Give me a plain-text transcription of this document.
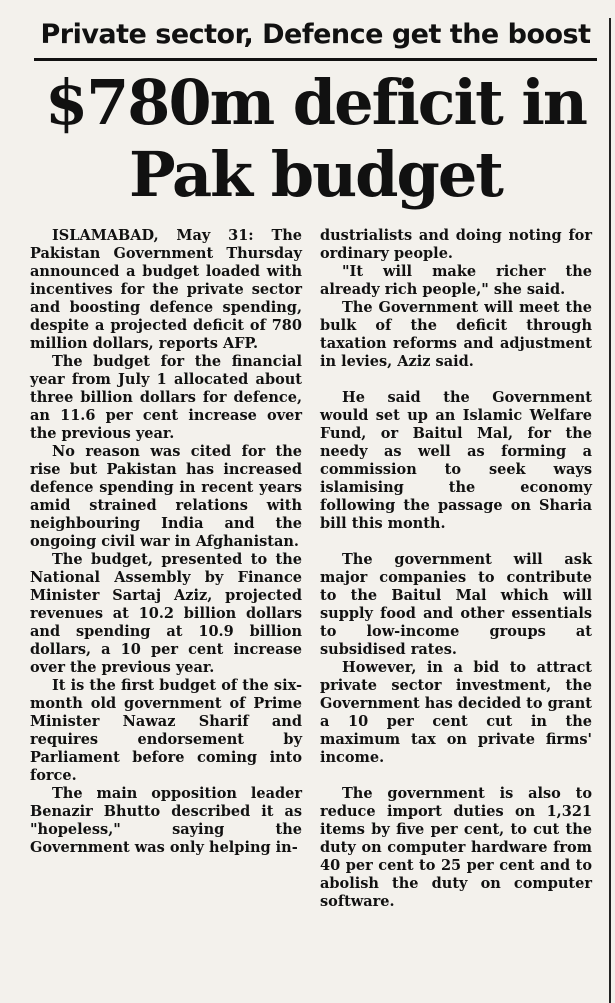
Private sector, Defence get the boost
$780m deficit in
Pak budget

ISLAMABAD, May 31: The Pakistan Government Thursday announced a budget loaded with incentives for the private sector and boosting defence spending, despite a projected deficit of 780 million dollars, reports AFP.

The budget for the financial year from July 1 allocated about three billion dollars for defence, an 11.6 per cent increase over the previous year.

No reason was cited for the rise but Pakistan has increased defence spending in recent years amid strained relations with neighbouring India and the ongoing civil war in Afghanistan.

The budget, presented to the National Assembly by Finance Minister Sartaj Aziz, projected revenues at 10.2 billion dollars and spending at 10.9 billion dollars, a 10 per cent increase over the previous year.

It is the first budget of the six-month old government of Prime Minister Nawaz Sharif and requires endorsement by Parliament before coming into force.

The main opposition leader Benazir Bhutto described it as "hopeless," saying the Government was only helping in-

dustrialists and doing noting for ordinary people.

"It will make richer the already rich people," she said.

The Government will meet the bulk of the deficit through taxation reforms and adjustment in levies, Aziz said.

He said the Government would set up an Islamic Welfare Fund, or Baitul Mal, for the needy as well as forming a commission to seek ways islamising the economy following the passage on Sharia bill this month.

The government will ask major companies to contribute to the Baitul Mal which will supply food and other essentials to low-income groups at subsidised rates.

However, in a bid to attract private sector investment, the Government has decided to grant a 10 per cent cut in the maximum tax on private firms' income.

The government is also to reduce import duties on 1,321 items by five per cent, to cut the duty on computer hardware from 40 per cent to 25 per cent and to abolish the duty on computer software.
